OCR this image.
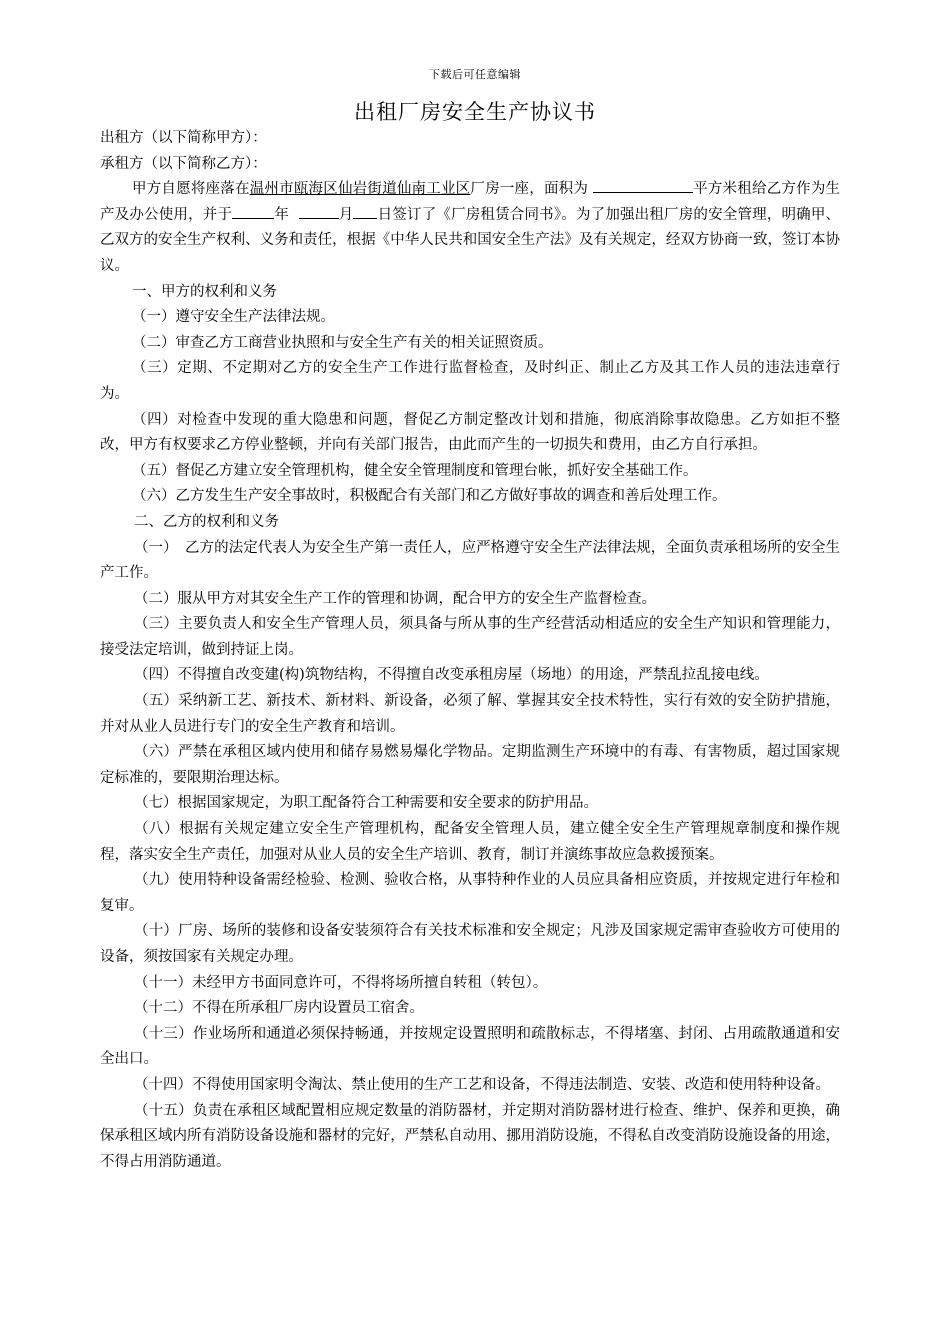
下载后可任意编辑
出租厂房安全生产协议书

出租方（以下简称甲方）：

承租方（以下简称乙方）：

甲方自愿将座落在温州市瓯海区仙岩街道仙南工业区厂房一座，面积为	平方米租给乙方作为生产及办公使用，并于	年	月 日签订了《厂房租赁合同书》。为了加强出租厂房的安全管理，明确甲、乙双方的安全生产权利、义务和责任，根据《中华人民共和国安全生产法》及有关规定，经双方协商一致，签订本协议。

一、甲方的权利和义务

（一）遵守安全生产法律法规。

（二）审查乙方工商营业执照和与安全生产有关的相关证照资质。

（三）定期、不定期对乙方的安全生产工作进行监督检查，及时纠正、制止乙方及其工作人员的违法违章行为。

（四）对检查中发现的重大隐患和问题，督促乙方制定整改计划和措施，彻底消除事故隐患。乙方如拒不整改，甲方有权要求乙方停业整顿，并向有关部门报告，由此而产生的一切损失和费用，由乙方自行承担。

（五）督促乙方建立安全管理机构，健全安全管理制度和管理台帐，抓好安全基础工作。

（六）乙方发生生产安全事故时，积极配合有关部门和乙方做好事故的调查和善后处理工作。

二、乙方的权利和义务

（一）　乙方的法定代表人为安全生产第一责任人，应严格遵守安全生产法律法规，全面负责承租场所的安全生产工作。

（二）服从甲方对其安全生产工作的管理和协调，配合甲方的安全生产监督检查。

（三）主要负责人和安全生产管理人员，须具备与所从事的生产经营活动相适应的安全生产知识和管理能力，接受法定培训，做到持证上岗。

（四）不得擅自改变建(构)筑物结构，不得擅自改变承租房屋（场地）的用途，严禁乱拉乱接电线。

（五）采纳新工艺、新技术、新材料、新设备，必须了解、掌握其安全技术特性，实行有效的安全防护措施，并对从业人员进行专门的安全生产教育和培训。

（六）严禁在承租区域内使用和储存易燃易爆化学物品。定期监测生产环境中的有毒、有害物质，超过国家规定标准的，要限期治理达标。

（七）根据国家规定，为职工配备符合工种需要和安全要求的防护用品。

（八）根据有关规定建立安全生产管理机构，配备安全管理人员，建立健全安全生产管理规章制度和操作规程，落实安全生产责任，加强对从业人员的安全生产培训、教育，制订并演练事故应急救援预案。

（九）使用特种设备需经检验、检测、验收合格，从事特种作业的人员应具备相应资质，并按规定进行年检和复审。

（十）厂房、场所的装修和设备安装须符合有关技术标准和安全规定；凡涉及国家规定需审查验收方可使用的设备，须按国家有关规定办理。

（十一）未经甲方书面同意许可，不得将场所擅自转租（转包）。

（十二）不得在所承租厂房内设置员工宿舍。

（十三）作业场所和通道必须保持畅通，并按规定设置照明和疏散标志，不得堵塞、封闭、占用疏散通道和安全出口。

（十四）不得使用国家明令淘汰、禁止使用的生产工艺和设备，不得违法制造、安装、改造和使用特种设备。

（十五）负责在承租区域配置相应规定数量的消防器材，并定期对消防器材进行检查、维护、保养和更换，确保承租区域内所有消防设备设施和器材的完好，严禁私自动用、挪用消防设施，不得私自改变消防设施设备的用途，不得占用消防通道。
